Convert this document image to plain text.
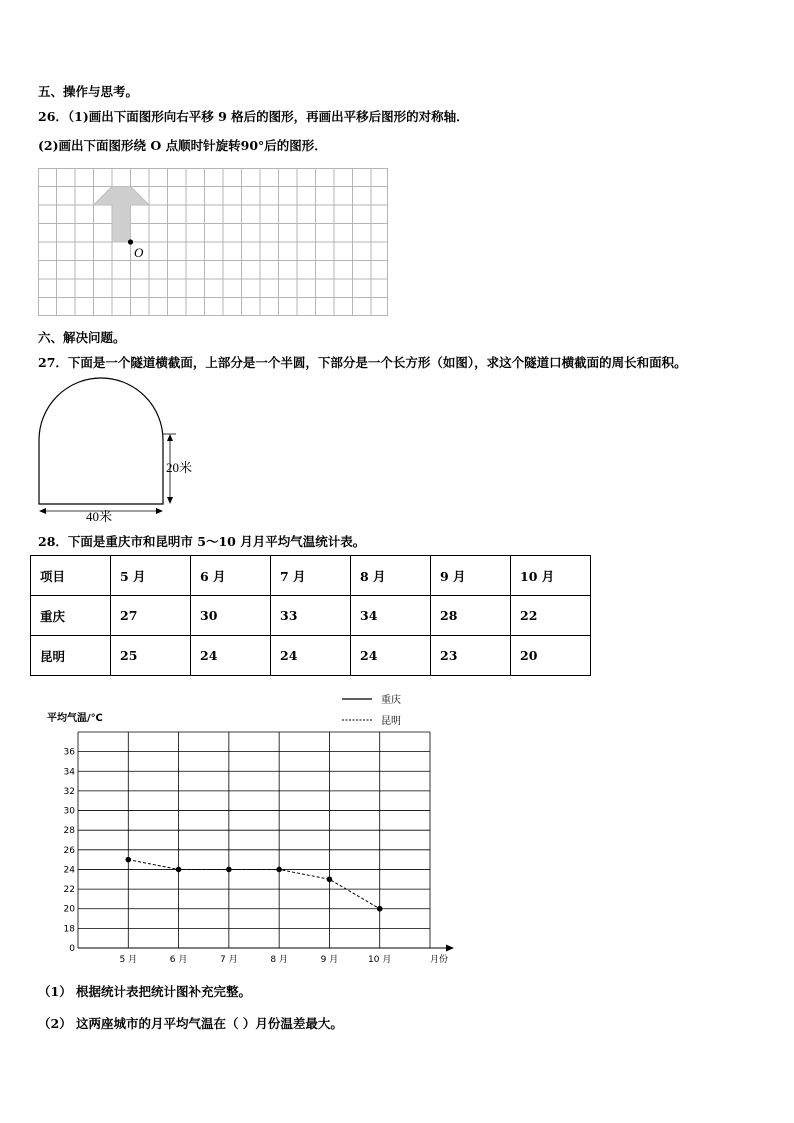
五、操作与思考。
26．（1)画出下面图形向右平移 9 格后的图形，再画出平移后图形的对称轴．
(2)画出下面图形绕 O 点顺时针旋转90°后的图形．
O
六、解决问题。
27．下面是一个隧道横截面，上部分是一个半圆，下部分是一个长方形（如图），求这个隧道口横截面的周长和面积。
20米
40米
28．下面是重庆市和昆明市 5～10 月月平均气温统计表。
项目	5 月	6 月	7 月	8 月	9 月	10 月
重庆	27	30	33	34	28	22
昆明	25	24	24	24	23	20
重庆
昆明
平均气温/℃
月份
0
18
20
22
24
26
28
30
32
34
36
5 月	6 月	7 月	8 月	9 月	10 月
（1） 根据统计表把统计图补充完整。
（2） 这两座城市的月平均气温在（ ）月份温差最大。
